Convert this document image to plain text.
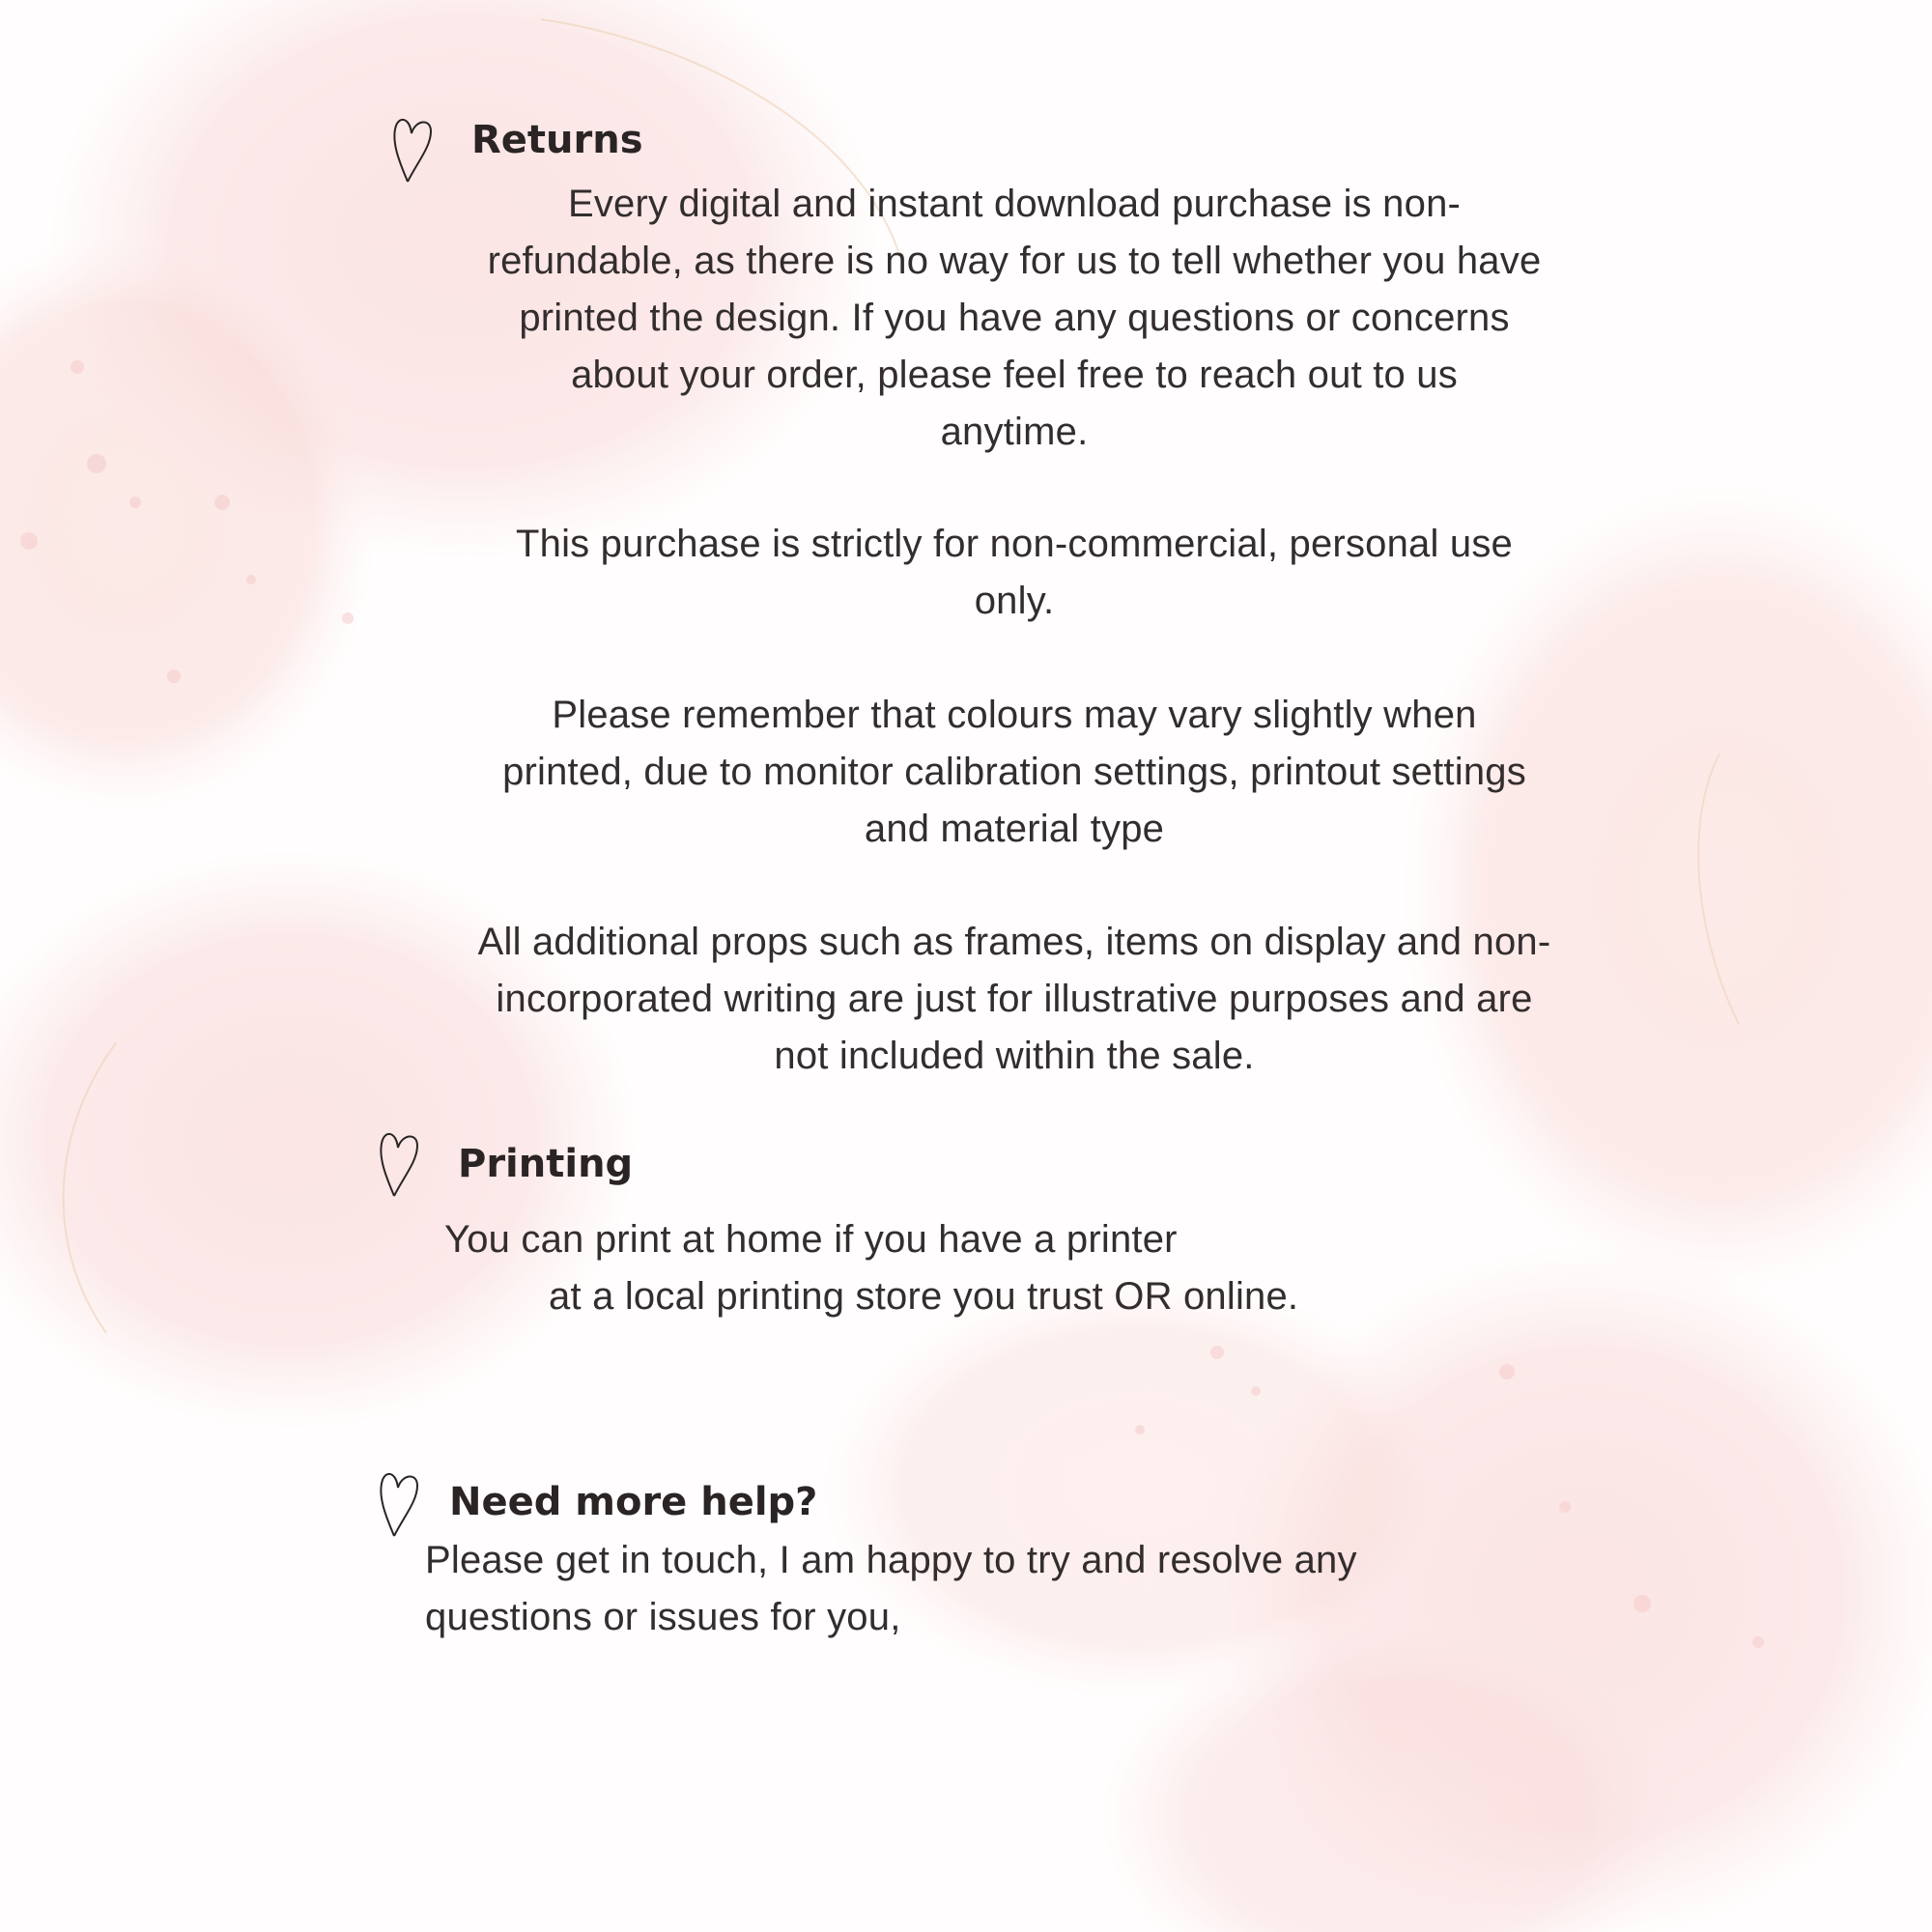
Returns
Every digital and instant download purchase is non-
refundable, as there is no way for us to tell whether you have
printed the design. If you have any questions or concerns
about your order, please feel free to reach out to us
anytime.
This purchase is strictly for non-commercial, personal use
only.
Please remember that colours may vary slightly when
printed, due to monitor calibration settings, printout settings
and material type
All additional props such as frames, items on display and non-
incorporated writing are just for illustrative purposes and are
not included within the sale.
Printing
You can print at home if you have a printer
at a local printing store you trust OR online.
Need more help?
Please get in touch, I am happy to try and resolve any
questions or issues for you,
